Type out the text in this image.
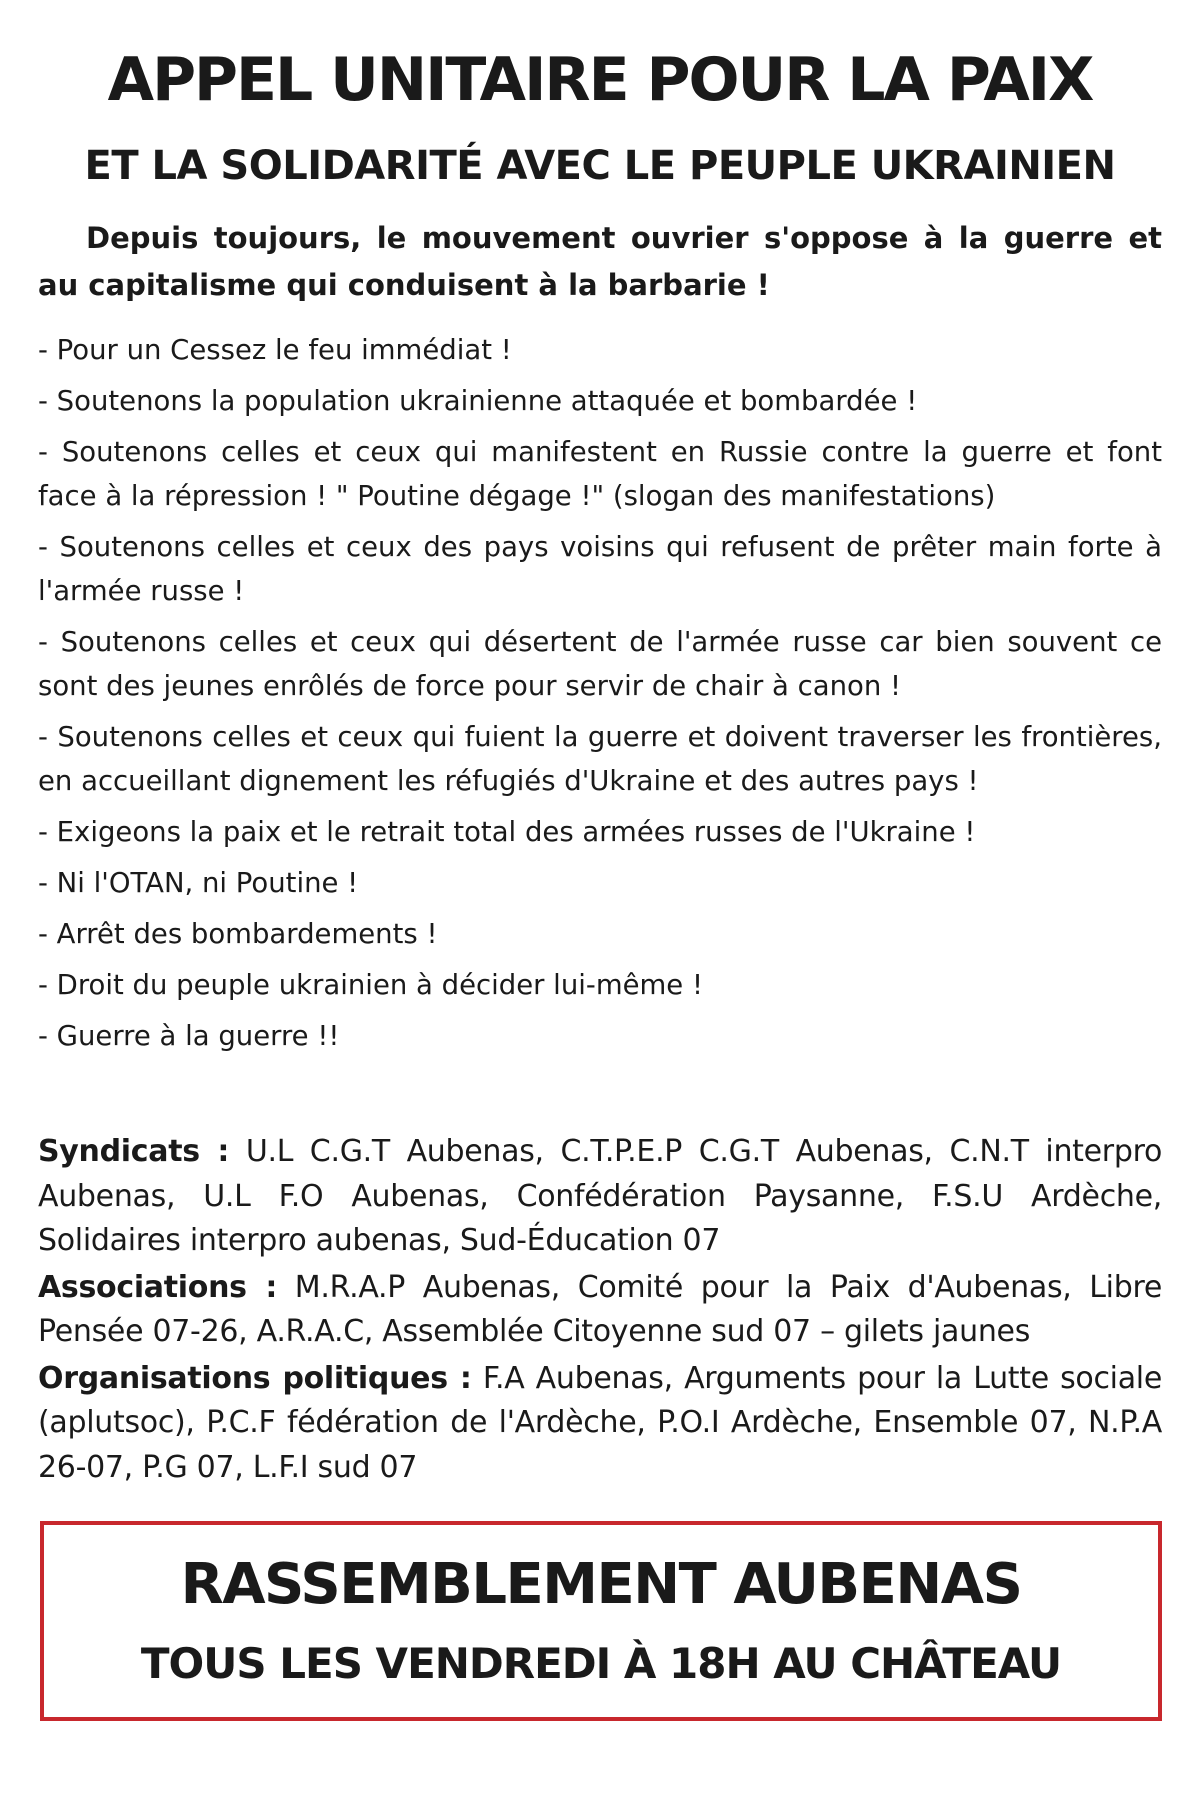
APPEL UNITAIRE POUR LA PAIX
ET LA SOLIDARITÉ AVEC LE PEUPLE UKRAINIEN

Depuis toujours, le mouvement ouvrier s'oppose à la guerre et au capitalisme qui conduisent à la barbarie !

- Pour un Cessez le feu immédiat !
- Soutenons la population ukrainienne attaquée et bombardée !
- Soutenons celles et ceux qui manifestent en Russie contre la guerre et font face à la répression ! " Poutine dégage !" (slogan des manifestations)
- Soutenons celles et ceux des pays voisins qui refusent de prêter main forte à l'armée russe !
- Soutenons celles et ceux qui désertent de l'armée russe car bien souvent ce sont des jeunes enrôlés de force pour servir de chair à canon !
- Soutenons celles et ceux qui fuient la guerre et doivent traverser les frontières, en accueillant dignement les réfugiés d'Ukraine et des autres pays !
- Exigeons la paix et le retrait total des armées russes de l'Ukraine !
- Ni l'OTAN, ni Poutine !
- Arrêt des bombardements !
- Droit du peuple ukrainien à décider lui-même !
- Guerre à la guerre !!

Syndicats : U.L C.G.T Aubenas, C.T.P.E.P C.G.T Aubenas, C.N.T interpro Aubenas, U.L F.O Aubenas, Confédération Paysanne, F.S.U Ardèche, Solidaires interpro aubenas, Sud-Éducation 07

Associations : M.R.A.P Aubenas, Comité pour la Paix d'Aubenas, Libre Pensée 07-26, A.R.A.C, Assemblée Citoyenne sud 07 – gilets jaunes

Organisations politiques : F.A Aubenas, Arguments pour la Lutte sociale (aplutsoc), P.C.F fédération de l'Ardèche, P.O.I Ardèche, Ensemble 07, N.P.A 26-07, P.G 07, L.F.I sud 07

RASSEMBLEMENT AUBENAS
TOUS LES VENDREDI À 18H AU CHÂTEAU
